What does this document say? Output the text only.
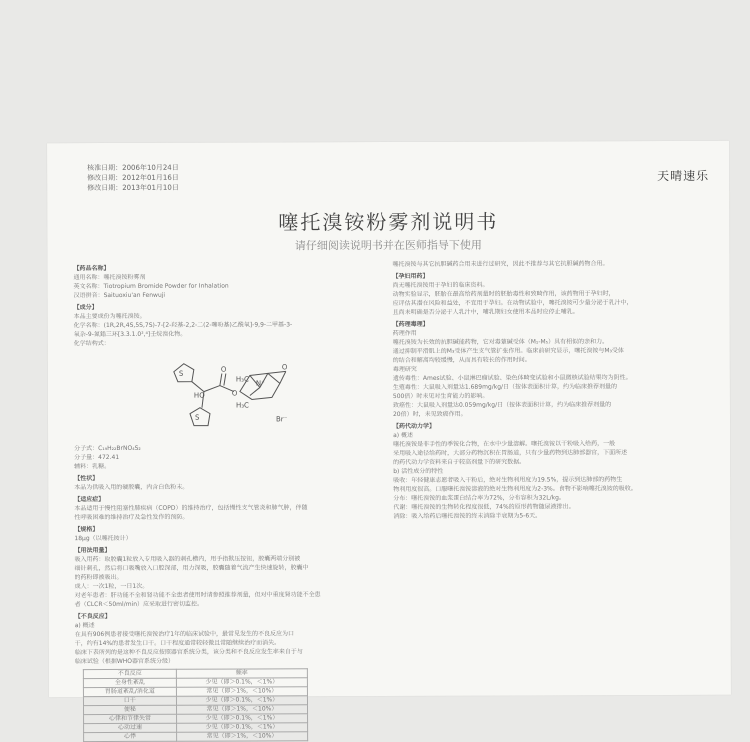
核准日期：2006年10月24日
修改日期：2012年01月16日
修改日期：2013年01月10日
天晴速乐
噻托溴铵粉雾剂说明书
请仔细阅读说明书并在医师指导下使用
【药品名称】
通用名称：噻托溴铵粉雾剂
英文名称：Tiotropium Bromide Powder for Inhalation
汉语拼音：Saituoxiu'an Fenwuji
【成分】
本品主要成份为噻托溴铵。
化学名称：(1R,2R,4S,5S,7S)-7-[2-羟基-2,2-二(2-噻吩基)乙酰氧]-9,9-二甲基-3-
氧杂-9-氮鎓三环[3.3.1.0²,⁴]壬烷溴化物。
化学结构式：
S
S
HO
O
O
O
H₃C
H₃C
N⁺
Br⁻
分子式：C₁₉H₂₂BrNO₄S₂
分子量：472.41
辅料：乳糖。
【性状】
本品为供吸入用的硬胶囊，内含白色粉末。
【适应症】
本品适用于慢性阻塞性肺疾病（COPD）的维持治疗，包括慢性支气管炎和肺气肿，伴随
性呼吸困难的维持治疗及急性发作的预防。
【规格】
18μg（以噻托铵计）
【用法用量】
吸入用药：取胶囊1粒放入专用吸入器的刺孔槽内，用手指揿压按钮，胶囊两端分别被
细针刺孔，然后将口吸嘴放入口腔深部，用力深吸，胶囊随着气流产生快速旋转，胶囊中
的药粉即被吸出。
成人：一次1粒，一日1次。
对老年患者：肝功能不全和肾功能不全患者使用时请参照推荐剂量，但对中重度肾功能不全患
者（CLCR＜50ml/min）应采取进行密切监控。
【不良反应】
a) 概述
在具有906例患者接受噻托溴铵治疗1年的临床试验中，最常见发生的不良反应为口
干，约有14%的患者发生口干。口干程度通常较轻微且常随继续治疗而消失。
临床下表所列的是这种不良反应按照器官系统分类，该分类和不良反应发生率来自于与
临床试验（根据WHO器官系统分级）
不良反应	频率
全身性紊乱	少见（即＞0.1%，＜1%）
胃肠道紊乱/消化道	常见（即＞1%，＜10%）
口干	少见（即＞0.1%，＜1%）
便秘	常见（即＞1%，＜10%）
心律和节律失常	少见（即＞0.1%，＜1%）
心动过速	少见（即＞0.1%，＜1%）
心悸	常见（即＞1%，＜10%）
噻托溴铵与其它抗胆碱药合用未进行过研究，因此不推荐与其它抗胆碱药物合用。
【孕妇用药】
尚无噻托溴铵用于孕妇的临床资料。
动物实验显示，胚胎在最高给药剂量时的胚胎毒性和致畸作用，该药物用于孕妇时，
应评估其潜在风险和益处，不宜用于孕妇。在动物试验中，噻托溴铵可少量分泌于乳汁中，
且尚未明确是否分泌于人乳汁中，哺乳期妇女使用本品时应停止哺乳。
【药理毒理】
药理作用
噻托溴铵为长效的抗胆碱能药物，它对毒蕈碱受体（M₁-M₅）具有相似的亲和力。
通过抑制平滑肌上的M₃受体产生支气管扩张作用。临床前研究显示，噻托溴铵与M₃受体
的结合和解离均较缓慢，从而具有较长的作用时间。
毒理研究
遗传毒性：Ames试验、小鼠淋巴瘤试验、染色体畸变试验和小鼠微核试验结果均为阴性。
生殖毒性：大鼠吸入剂量达1.689mg/kg/日（按体表面积计算，约为临床推荐剂量的
500倍）时未见对生育能力的影响。
致癌性：大鼠吸入剂量达0.059mg/kg/日（按体表面积计算，约为临床推荐剂量的
20倍）时，未见致癌作用。
【药代动力学】
a) 概述
噻托溴铵是非手性的季铵化合物，在水中少量溶解。噻托溴铵以干粉吸入给药，一般
采用吸入途径给药时，大部分药物沉积在胃肠道，只有少量药物到达肺部器官，下面所述
的药代动力学资料来自于较高剂量下的研究数据。
b) 活性成分的特性
吸收：年轻健康志愿者吸入干粉后，绝对生物利用度为19.5%，提示到达肺部的药物生
物利用度很高。口服噻托溴铵溶液的绝对生物利用度为2-3%。食物不影响噻托溴铵的吸收。
分布：噻托溴铵的血浆蛋白结合率为72%，分布容积为32L/kg。
代谢：噻托溴铵的生物转化程度很低，74%的原形药物随尿液排出。
消除：吸入给药后噻托溴铵的终末消除半衰期为5-6天。
